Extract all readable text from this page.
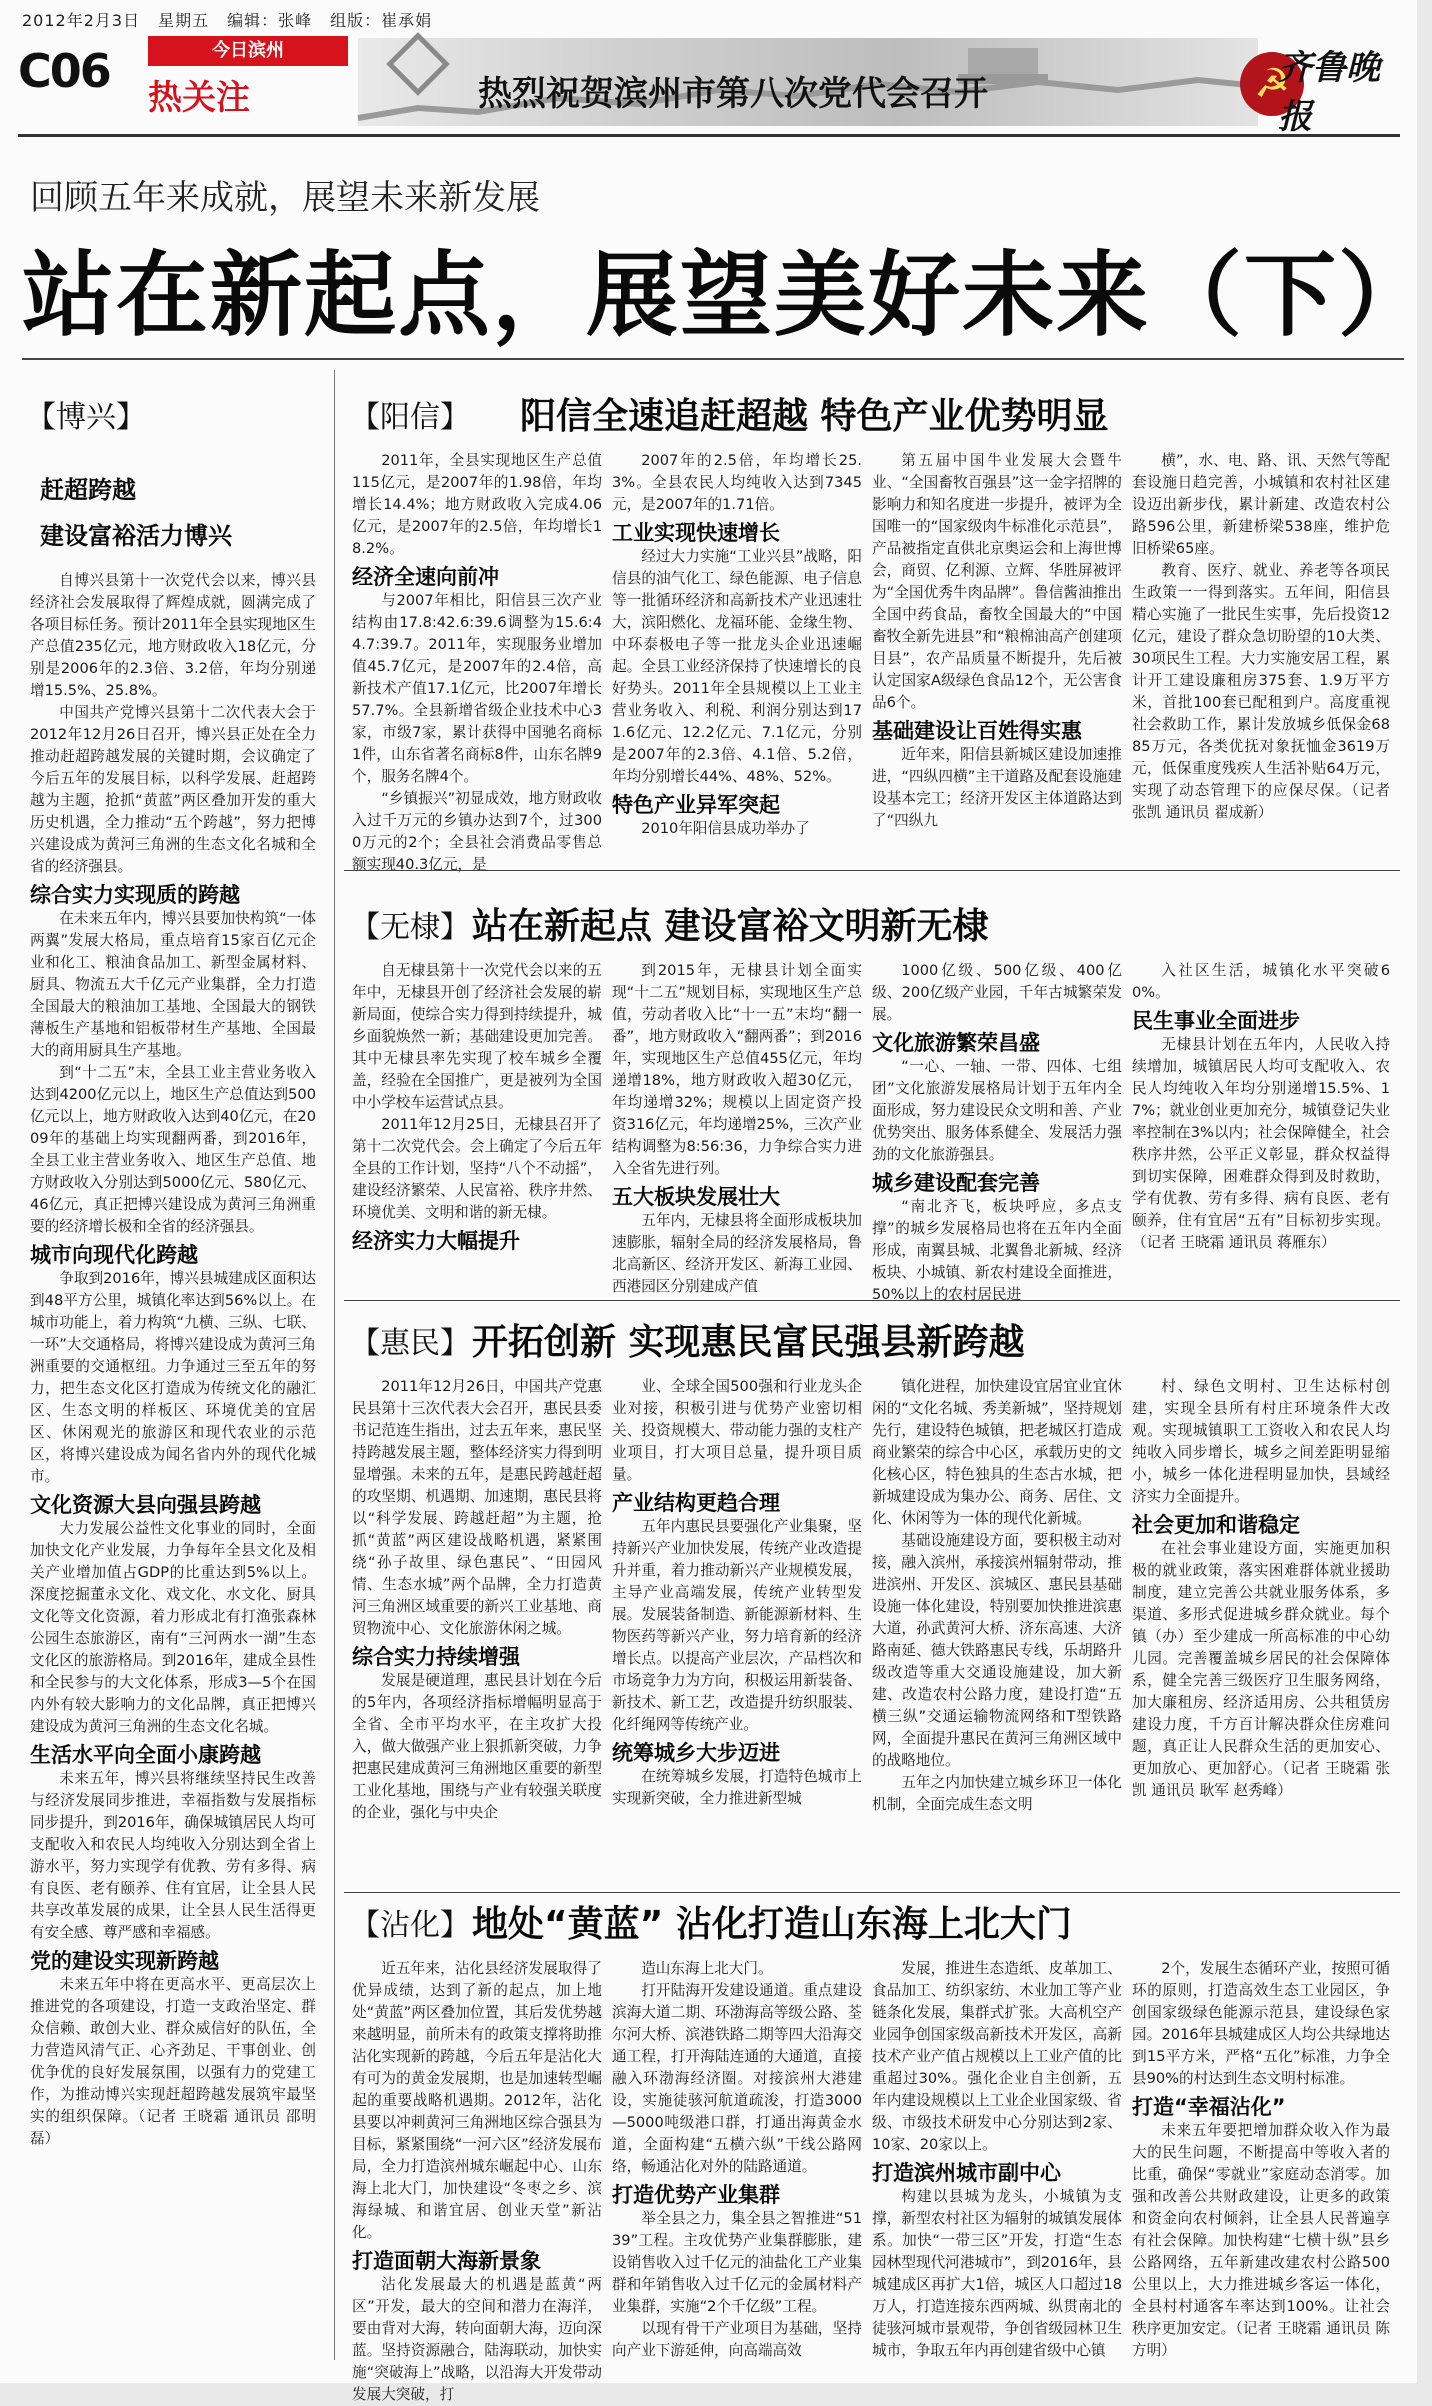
2012年2月3日 星期五 编辑：张峰 组版：崔承娟
C06	今日滨州
热关注	热烈祝贺滨州市第八次党代会召开	☭
齐鲁晚报
回顾五年来成就，展望未来新发展
站在新起点，展望美好未来（下）
【博兴】
赶超跨越
建设富裕活力博兴

自博兴县第十一次党代会以来，博兴县经济社会发展取得了辉煌成就，圆满完成了各项目标任务。预计2011年全县实现地区生产总值235亿元，地方财政收入18亿元，分别是2006年的2.3倍、3.2倍，年均分别递增15.5%、25.8%。

中国共产党博兴县第十二次代表大会于2012年12月26日召开，博兴县正处在全力推动赶超跨越发展的关键时期，会议确定了今后五年的发展目标，以科学发展、赶超跨越为主题，抢抓“黄蓝”两区叠加开发的重大历史机遇，全力推动“五个跨越”，努力把博兴建设成为黄河三角洲的生态文化名城和全省的经济强县。

综合实力实现质的跨越

在未来五年内，博兴县要加快构筑“一体两翼”发展大格局，重点培育15家百亿元企业和化工、粮油食品加工、新型金属材料、厨具、物流五大千亿元产业集群，全力打造全国最大的粮油加工基地、全国最大的钢铁薄板生产基地和铝板带材生产基地、全国最大的商用厨具生产基地。

到“十二五”末，全县工业主营业务收入达到4200亿元以上，地区生产总值达到500亿元以上，地方财政收入达到40亿元，在2009年的基础上均实现翻两番，到2016年，全县工业主营业务收入、地区生产总值、地方财政收入分别达到5000亿元、580亿元、46亿元，真正把博兴建设成为黄河三角洲重要的经济增长极和全省的经济强县。

城市向现代化跨越

争取到2016年，博兴县城建成区面积达到48平方公里，城镇化率达到56%以上。在城市功能上，着力构筑“九横、三纵、七联、一环”大交通格局，将博兴建设成为黄河三角洲重要的交通枢纽。力争通过三至五年的努力，把生态文化区打造成为传统文化的融汇区、生态文明的样板区、环境优美的宜居区、休闲观光的旅游区和现代农业的示范区，将博兴建设成为闻名省内外的现代化城市。

文化资源大县向强县跨越

大力发展公益性文化事业的同时，全面加快文化产业发展，力争每年全县文化及相关产业增加值占GDP的比重达到5%以上。深度挖掘董永文化、戏文化、水文化、厨具文化等文化资源，着力形成北有打渔张森林公园生态旅游区，南有“三河两水一湖”生态文化区的旅游格局。到2016年，建成全县性和全民参与的大文化体系，形成3—5个在国内外有较大影响力的文化品牌，真正把博兴建设成为黄河三角洲的生态文化名城。

生活水平向全面小康跨越

未来五年，博兴县将继续坚持民生改善与经济发展同步推进，幸福指数与发展指标同步提升，到2016年，确保城镇居民人均可支配收入和农民人均纯收入分别达到全省上游水平，努力实现学有优教、劳有多得、病有良医、老有颐养、住有宜居，让全县人民共享改革发展的成果，让全县人民生活得更有安全感、尊严感和幸福感。

党的建设实现新跨越

未来五年中将在更高水平、更高层次上推进党的各项建设，打造一支政治坚定、群众信赖、敢创大业、群众威信好的队伍，全力营造风清气正、心齐劲足、干事创业、创优争优的良好发展氛围，以强有力的党建工作，为推动博兴实现赶超跨越发展筑牢最坚实的组织保障。（记者 王晓霜 通讯员 邵明磊）

【阳信】 阳信全速追赶超越 特色产业优势明显

2011年，全县实现地区生产总值115亿元，是2007年的1.98倍，年均增长14.4%；地方财政收入完成4.06亿元，是2007年的2.5倍，年均增长18.2%。

经济全速向前冲

与2007年相比，阳信县三次产业结构由17.8:42.6:39.6调整为15.6:44.7:39.7。2011年，实现服务业增加值45.7亿元，是2007年的2.4倍，高新技术产值17.1亿元，比2007年增长57.7%。全县新增省级企业技术中心3家，市级7家，累计获得中国驰名商标1件，山东省著名商标8件，山东名牌9个，服务名牌4个。

“乡镇振兴”初显成效，地方财政收入过千万元的乡镇办达到7个，过3000万元的2个；全县社会消费品零售总额实现40.3亿元，是

2007年的2.5倍，年均增长25.3%。全县农民人均纯收入达到7345元，是2007年的1.71倍。

工业实现快速增长

经过大力实施“工业兴县”战略，阳信县的油气化工、绿色能源、电子信息等一批循环经济和高新技术产业迅速壮大，滨阳燃化、龙福环能、金缘生物、中环泰极电子等一批龙头企业迅速崛起。全县工业经济保持了快速增长的良好势头。2011年全县规模以上工业主营业务收入、利税、利润分别达到171.6亿元、12.2亿元、7.1亿元，分别是2007年的2.3倍、4.1倍、5.2倍，年均分别增长44%、48%、52%。

特色产业异军突起

2010年阳信县成功举办了

第五届中国牛业发展大会暨牛业、“全国畜牧百强县”这一金字招牌的影响力和知名度进一步提升，被评为全国唯一的“国家级肉牛标准化示范县”，产品被指定直供北京奥运会和上海世博会，商贸、亿利源、立辉、华胜屏被评为“全国优秀牛肉品牌”。鲁信酱油推出全国中药食品，畜牧全国最大的“中国畜牧全新先进县”和“粮棉油高产创建项目县”，农产品质量不断提升，先后被认定国家A级绿色食品12个，无公害食品6个。

基础建设让百姓得实惠

近年来，阳信县新城区建设加速推进，“四纵四横”主干道路及配套设施建设基本完工；经济开发区主体道路达到了“四纵九

横”，水、电、路、讯、天然气等配套设施日趋完善，小城镇和农村社区建设迈出新步伐，累计新建、改造农村公路596公里，新建桥梁538座，维护危旧桥梁65座。

教育、医疗、就业、养老等各项民生政策一一得到落实。五年间，阳信县精心实施了一批民生实事，先后投资12亿元，建设了群众急切盼望的10大类、30项民生工程。大力实施安居工程，累计开工建设廉租房375套、1.9万平方米，首批100套已配租到户。高度重视社会救助工作，累计发放城乡低保金6885万元，各类优抚对象抚恤金3619万元，低保重度残疾人生活补贴64万元，实现了动态管理下的应保尽保。（记者 张凯 通讯员 翟成新）

【无棣】 站在新起点 建设富裕文明新无棣

自无棣县第十一次党代会以来的五年中，无棣县开创了经济社会发展的崭新局面，使综合实力得到持续提升，城乡面貌焕然一新；基础建设更加完善。其中无棣县率先实现了校车城乡全覆盖，经验在全国推广，更是被列为全国中小学校车运营试点县。

2011年12月25日，无棣县召开了第十二次党代会。会上确定了今后五年全县的工作计划，坚持“八个不动摇”，建设经济繁荣、人民富裕、秩序井然、环境优美、文明和谐的新无棣。

经济实力大幅提升

到2015年，无棣县计划全面实现“十二五”规划目标，实现地区生产总值，劳动者收入比“十一五”末均“翻一番”，地方财政收入“翻两番”；到2016年，实现地区生产总值455亿元，年均递增18%，地方财政收入超30亿元，年均递增32%；规模以上固定资产投资316亿元，年均递增25%，三次产业结构调整为8:56:36，力争综合实力进入全省先进行列。

五大板块发展壮大

五年内，无棣县将全面形成板块加速膨胀，辐射全局的经济发展格局，鲁北高新区、经济开发区、新海工业园、西港园区分别建成产值

1000亿级、500亿级、400亿级、200亿级产业园，千年古城繁荣发展。

文化旅游繁荣昌盛

“一心、一轴、一带、四体、七组团”文化旅游发展格局计划于五年内全面形成，努力建设民众文明和善、产业优势突出、服务体系健全、发展活力强劲的文化旅游强县。

城乡建设配套完善

“南北齐飞，板块呼应，多点支撑”的城乡发展格局也将在五年内全面形成，南翼县城、北翼鲁北新城、经济板块、小城镇、新农村建设全面推进，50%以上的农村居民进

入社区生活，城镇化水平突破60%。

民生事业全面进步

无棣县计划在五年内，人民收入持续增加，城镇居民人均可支配收入、农民人均纯收入年均分别递增15.5%、17%；就业创业更加充分，城镇登记失业率控制在3%以内；社会保障健全，社会秩序井然，公平正义彰显，群众权益得到切实保障，困难群众得到及时救助，学有优教、劳有多得、病有良医、老有颐养，住有宜居“五有”目标初步实现。（记者 王晓霜 通讯员 蒋雁东）

【惠民】 开拓创新 实现惠民富民强县新跨越

2011年12月26日，中国共产党惠民县第十三次代表大会召开，惠民县委书记范连生指出，过去五年来，惠民坚持跨越发展主题，整体经济实力得到明显增强。未来的五年，是惠民跨越赶超的攻坚期、机遇期、加速期，惠民县将以“科学发展、跨越赶超”为主题，抢抓“黄蓝”两区建设战略机遇，紧紧围绕“孙子故里、绿色惠民”、“田园风情、生态水城”两个品牌，全力打造黄河三角洲区域重要的新兴工业基地、商贸物流中心、文化旅游休闲之城。

综合实力持续增强

发展是硬道理，惠民县计划在今后的5年内，各项经济指标增幅明显高于全省、全市平均水平，在主攻扩大投入，做大做强产业上狠抓新突破，力争把惠民建成黄河三角洲地区重要的新型工业化基地，围绕与产业有较强关联度的企业，强化与中央企

业、全球全国500强和行业龙头企业对接，积极引进与优势产业密切相关、投资规模大、带动能力强的支柱产业项目，打大项目总量，提升项目质量。

产业结构更趋合理

五年内惠民县要强化产业集聚，坚持新兴产业加快发展，传统产业改造提升并重，着力推动新兴产业规模发展，主导产业高端发展，传统产业转型发展。发展装备制造、新能源新材料、生物医药等新兴产业，努力培育新的经济增长点。以提高产业层次，产品档次和市场竞争力为方向，积极运用新装备、新技术、新工艺，改造提升纺织服装、化纤绳网等传统产业。

统筹城乡大步迈进

在统筹城乡发展，打造特色城市上实现新突破，全力推进新型城

镇化进程，加快建设宜居宜业宜休闲的“文化名城、秀美新城”，坚持规划先行，建设特色城镇，把老城区打造成商业繁荣的综合中心区，承载历史的文化核心区，特色独具的生态古水城，把新城建设成为集办公、商务、居住、文化、休闲等为一体的现代化新城。

基础设施建设方面，要积极主动对接，融入滨州，承接滨州辐射带动，推进滨州、开发区、滨城区、惠民县基础设施一体化建设，特别要加快推进滨惠大道，孙武黄河大桥、济东高速、大济路南延、德大铁路惠民专线，乐胡路升级改造等重大交通设施建设，加大新建、改造农村公路力度，建设打造“五横三纵”交通运输物流网络和T型铁路网，全面提升惠民在黄河三角洲区域中的战略地位。

五年之内加快建立城乡环卫一体化机制，全面完成生态文明

村、绿色文明村、卫生达标村创建，实现全县所有村庄环境条件大改观。实现城镇职工工资收入和农民人均纯收入同步增长，城乡之间差距明显缩小，城乡一体化进程明显加快，县域经济实力全面提升。

社会更加和谐稳定

在社会事业建设方面，实施更加积极的就业政策，落实困难群体就业援助制度，建立完善公共就业服务体系，多渠道、多形式促进城乡群众就业。每个镇（办）至少建成一所高标准的中心幼儿园。完善覆盖城乡居民的社会保障体系，健全完善三级医疗卫生服务网络，加大廉租房、经济适用房、公共租赁房建设力度，千方百计解决群众住房难问题，真正让人民群众生活的更加安心、更加放心、更加舒心。（记者 王晓霜 张凯 通讯员 耿军 赵秀峰）

【沾化】 地处“黄蓝” 沾化打造山东海上北大门

近五年来，沾化县经济发展取得了优异成绩，达到了新的起点，加上地处“黄蓝”两区叠加位置，其后发优势越来越明显，前所未有的政策支撑将助推沾化实现新的跨越，今后五年是沾化大有可为的黄金发展期，也是加速转型崛起的重要战略机遇期。2012年，沾化县要以冲刺黄河三角洲地区综合强县为目标，紧紧围绕“一河六区”经济发展布局，全力打造滨州城东崛起中心、山东海上北大门，加快建设“冬枣之乡、滨海绿城、和谐宜居、创业天堂”新沾化。

打造面朝大海新景象

沾化发展最大的机遇是蓝黄“两区”开发，最大的空间和潜力在海洋，要由背对大海，转向面朝大海，迈向深蓝。坚持资源融合，陆海联动，加快实施“突破海上”战略，以沿海大开发带动发展大突破，打

造山东海上北大门。

打开陆海开发建设通道。重点建设滨海大道二期、环渤海高等级公路、荃尔河大桥、滨港铁路二期等四大沿海交通工程，打开海陆连通的大通道，直接融入环渤海经济圈。对接滨州大港建设，实施徒骇河航道疏浚，打造3000—5000吨级港口群，打通出海黄金水道，全面构建“五横六纵”干线公路网络，畅通沾化对外的陆路通道。

打造优势产业集群

举全县之力，集全县之智推进“5139”工程。主攻优势产业集群膨胀，建设销售收入过千亿元的油盐化工产业集群和年销售收入过千亿元的金属材料产业集群，实施“2个千亿级”工程。

以现有骨干产业项目为基础，坚持向产业下游延伸，向高端高效

发展，推进生态造纸、皮革加工、食品加工、纺织家纺、木业加工等产业链条化发展，集群式扩张。大高机空产业园争创国家级高新技术开发区，高新技术产业产值占规模以上工业产值的比重超过30%。强化企业自主创新，五年内建设规模以上工业企业国家级、省级、市级技术研发中心分别达到2家、10家、20家以上。

打造滨州城市副中心

构建以县城为龙头，小城镇为支撑，新型农村社区为辐射的城镇发展体系。加快“一带三区”开发，打造“生态园林型现代河港城市”，到2016年，县城建成区再扩大1倍，城区人口超过18万人，打造连接东西两城、纵贯南北的徒骇河城市景观带，争创省级园林卫生城市，争取五年内再创建省级中心镇

2个，发展生态循环产业，按照可循环的原则，打造高效生态工业园区，争创国家级绿色能源示范县，建设绿色家园。2016年县城建成区人均公共绿地达到15平方米，严格“五化”标准，力争全县90%的村达到生态文明村标准。

打造“幸福沾化”

未来五年要把增加群众收入作为最大的民生问题，不断提高中等收入者的比重，确保“零就业”家庭动态消零。加强和改善公共财政建设，让更多的政策和资金向农村倾斜，让全县人民普遍享有社会保障。加快构建“七横十纵”县乡公路网络，五年新建改建农村公路500公里以上，大力推进城乡客运一体化，全县村村通客车率达到100%。让社会秩序更加安定。（记者 王晓霜 通讯员 陈方明）
